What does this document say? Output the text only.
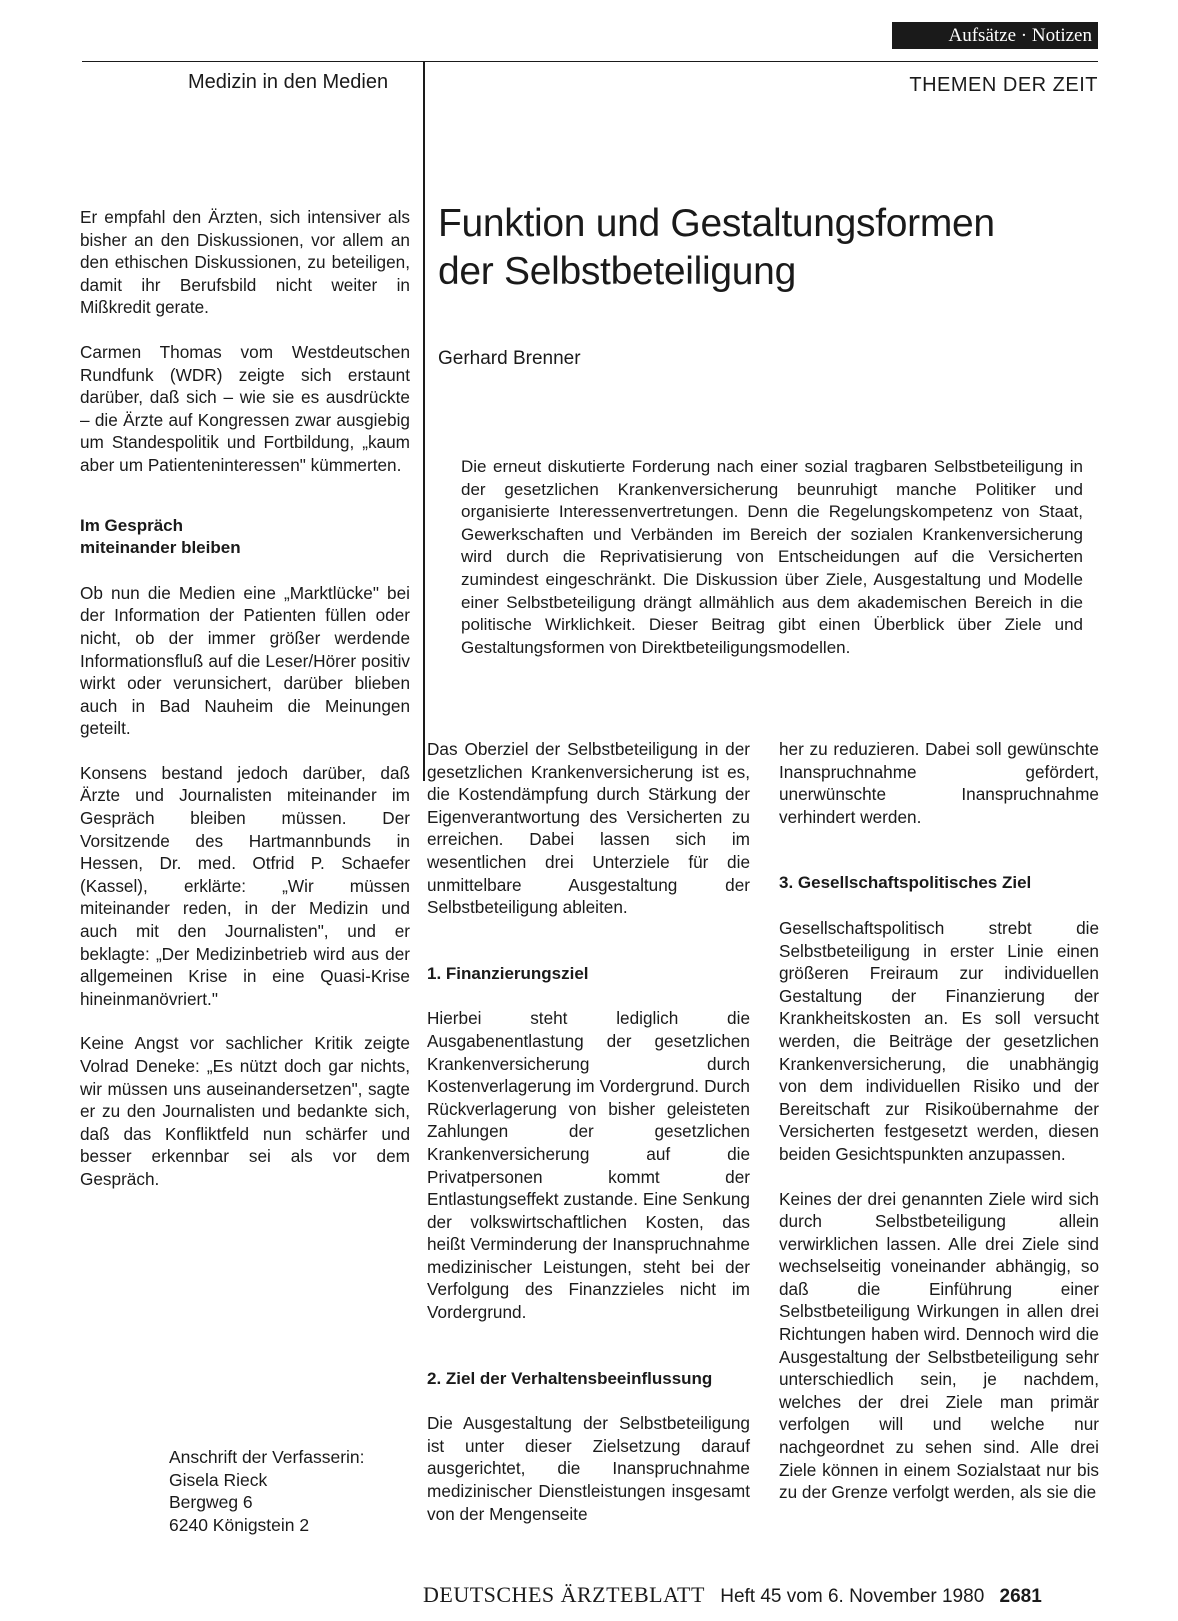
Aufsätze · Notizen
Medizin in den Medien	THEMEN DER ZEIT

Er empfahl den Ärzten, sich intensiver als bisher an den Diskussionen, vor allem an den ethischen Diskussionen, zu beteiligen, damit ihr Berufsbild nicht weiter in Mißkredit gerate.

Carmen Thomas vom Westdeutschen Rundfunk (WDR) zeigte sich erstaunt darüber, daß sich – wie sie es ausdrückte – die Ärzte auf Kongressen zwar ausgiebig um Standespolitik und Fortbildung, „kaum aber um Patienteninteressen" kümmerten.

Im Gespräch
miteinander bleiben

Ob nun die Medien eine „Marktlücke" bei der Information der Patienten füllen oder nicht, ob der immer größer werdende Informationsfluß auf die Leser/Hörer positiv wirkt oder verunsichert, darüber blieben auch in Bad Nauheim die Meinungen geteilt.

Konsens bestand jedoch darüber, daß Ärzte und Journalisten miteinander im Gespräch bleiben müssen. Der Vorsitzende des Hartmannbunds in Hessen, Dr. med. Otfrid P. Schaefer (Kassel), erklärte: „Wir müssen miteinander reden, in der Medizin und auch mit den Journalisten", und er beklagte: „Der Medizinbetrieb wird aus der allgemeinen Krise in eine Quasi-Krise hineinmanövriert."

Keine Angst vor sachlicher Kritik zeigte Volrad Deneke: „Es nützt doch gar nichts, wir müssen uns auseinandersetzen", sagte er zu den Journalisten und bedankte sich, daß das Konfliktfeld nun schärfer und besser erkennbar sei als vor dem Gespräch.

Anschrift der Verfasserin:
Gisela Rieck
Bergweg 6
6240 Königstein 2
Funktion und Gestaltungsformen
der Selbstbeteiligung
Gerhard Brenner

Die erneut diskutierte Forderung nach einer sozial tragbaren Selbstbeteiligung in der gesetzlichen Krankenversicherung beunruhigt manche Politiker und organisierte Interessenvertretungen. Denn die Regelungskompetenz von Staat, Gewerkschaften und Verbänden im Bereich der sozialen Krankenversicherung wird durch die Reprivatisierung von Entscheidungen auf die Versicherten zumindest eingeschränkt. Die Diskussion über Ziele, Ausgestaltung und Modelle einer Selbstbeteiligung drängt allmählich aus dem akademischen Bereich in die politische Wirklichkeit. Dieser Beitrag gibt einen Überblick über Ziele und Gestaltungsformen von Direktbeteiligungsmodellen.

Das Oberziel der Selbstbeteiligung in der gesetzlichen Krankenversicherung ist es, die Kostendämpfung durch Stärkung der Eigenverantwortung des Versicherten zu erreichen. Dabei lassen sich im wesentlichen drei Unterziele für die unmittelbare Ausgestaltung der Selbstbeteiligung ableiten.

1. Finanzierungsziel

Hierbei steht lediglich die Ausgabenentlastung der gesetzlichen Krankenversicherung durch Kostenverlagerung im Vordergrund. Durch Rückverlagerung von bisher geleisteten Zahlungen der gesetzlichen Krankenversicherung auf die Privatpersonen kommt der Entlastungseffekt zustande. Eine Senkung der volkswirtschaftlichen Kosten, das heißt Verminderung der Inanspruchnahme medizinischer Leistungen, steht bei der Verfolgung des Finanzzieles nicht im Vordergrund.

2. Ziel der Verhaltensbeeinflussung

Die Ausgestaltung der Selbstbeteiligung ist unter dieser Zielsetzung darauf ausgerichtet, die Inanspruchnahme medizinischer Dienstleistungen insgesamt von der Mengenseite

her zu reduzieren. Dabei soll gewünschte Inanspruchnahme gefördert, unerwünschte Inanspruchnahme verhindert werden.

3. Gesellschaftspolitisches Ziel

Gesellschaftspolitisch strebt die Selbstbeteiligung in erster Linie einen größeren Freiraum zur individuellen Gestaltung der Finanzierung der Krankheitskosten an. Es soll versucht werden, die Beiträge der gesetzlichen Krankenversicherung, die unabhängig von dem individuellen Risiko und der Bereitschaft zur Risikoübernahme der Versicherten festgesetzt werden, diesen beiden Gesichtspunkten anzupassen.

Keines der drei genannten Ziele wird sich durch Selbstbeteiligung allein verwirklichen lassen. Alle drei Ziele sind wechselseitig voneinander abhängig, so daß die Einführung einer Selbstbeteiligung Wirkungen in allen drei Richtungen haben wird. Dennoch wird die Ausgestaltung der Selbstbeteiligung sehr unterschiedlich sein, je nachdem, welches der drei Ziele man primär verfolgen will und welche nur nachgeordnet zu sehen sind. Alle drei Ziele können in einem Sozialstaat nur bis zu der Grenze verfolgt werden, als sie die

DEUTSCHES ÄRZTEBLATT Heft 45 vom 6. November 1980 2681
